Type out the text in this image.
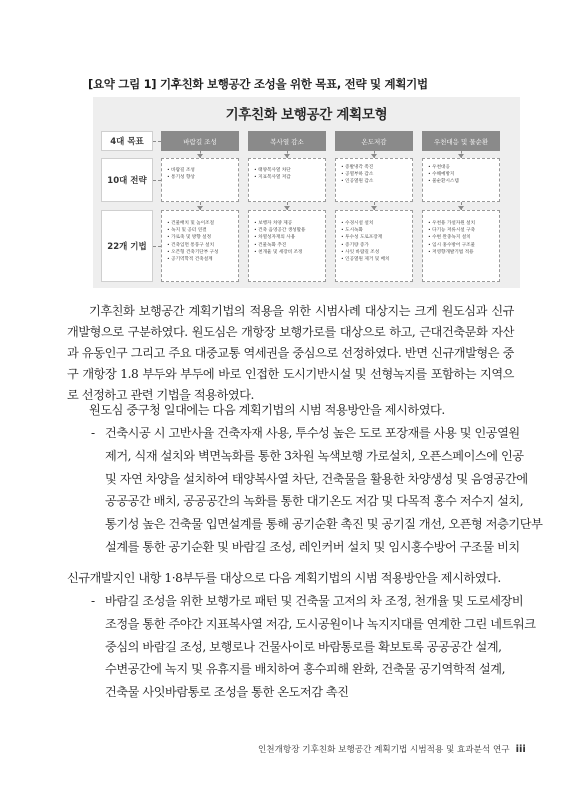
[요약 그림 1] 기후친화 보행공간 조성을 위한 목표, 전략 및 계획기법
기후친화 보행공간 계획모형
4대 목표
10대 전략
22개 기법
바람길 조성
• 바람길 조성
• 통기성 향상
• 건물배치 및 높이조절
• 녹지 및 공터 연결
• 가로축 및 방향 설정
• 건축입면 통풍구 설치
• 오픈형 건축기단부 구성
• 공기역학적 건축설계
복사열 감소
• 태양복사열 차단
• 지표복사열 저감
• 보행자 차양 제공
• 건축 음영공간 생성활용
• 차열성자재의 사용
• 건물녹화 추진
• 천개율 및 세장비 조정
온도저감
• 증발냉각 촉진
• 공열부하 감소
• 인공열원 감소
• 수경시설 설치
• 도시녹화
• 투수성 도로포장재
• 증기량 증가
• 사잇 바람길 조성
• 인공열원 제거 및 배치
우천대응 및 물순환
• 우천대응
• 수해예방지
• 물순환시스템
• 우천용 가설자원 설치
• 다기능 저류시설 구축
• 수변 완충녹지 설치
• 임시 홍수방어 구조물
• 저영향개발기법 적용
기후친화 보행공간 계획기법의 적용을 위한 시범사례 대상지는 크게 원도심과 신규개발형으로 구분하였다. 원도심은 개항장 보행가로를 대상으로 하고, 근대건축문화 자산과 유동인구 그리고 주요 대중교통 역세권을 중심으로 선정하였다. 반면 신규개발형은 중구 개항장 1.8 부두와 부두에 바로 인접한 도시기반시설 및 선형녹지를 포함하는 지역으로 선정하고 관련 기법을 적용하였다.
원도심 중구청 일대에는 다음 계획기법의 시범 적용방안을 제시하였다.
- 건축시공 시 고반사율 건축자재 사용, 투수성 높은 도로 포장재를 사용 및 인공열원
제거, 식재 설치와 벽면녹화를 통한 3차원 녹색보행 가로설치, 오픈스페이스에 인공
및 자연 차양을 설치하여 태양복사열 차단, 건축물을 활용한 차양생성 및 음영공간에
공공공간 배치, 공공공간의 녹화를 통한 대기온도 저감 및 다목적 홍수 저수지 설치,
통기성 높은 건축물 입면설계를 통해 공기순환 촉진 및 공기질 개선, 오픈형 저층기단부
설계를 통한 공기순환 및 바람길 조성, 레인커버 설치 및 임시홍수방어 구조물 비치
신규개발지인 내항 1·8부두를 대상으로 다음 계획기법의 시범 적용방안을 제시하였다.
- 바람길 조성을 위한 보행가로 패턴 및 건축물 고저의 차 조정, 천개율 및 도로세장비
조정을 통한 주야간 지표복사열 저감, 도시공원이나 녹지지대를 연계한 그린 네트워크
중심의 바람길 조성, 보행로나 건물사이로 바람통로를 확보토록 공공공간 설계,
수변공간에 녹지 및 유휴지를 배치하여 홍수피해 완화, 건축물 공기역학적 설계,
건축물 사잇바람통로 조성을 통한 온도저감 촉진
인천개항장 기후친화 보행공간 계획기법 시범적용 및 효과분석 연구 iii
